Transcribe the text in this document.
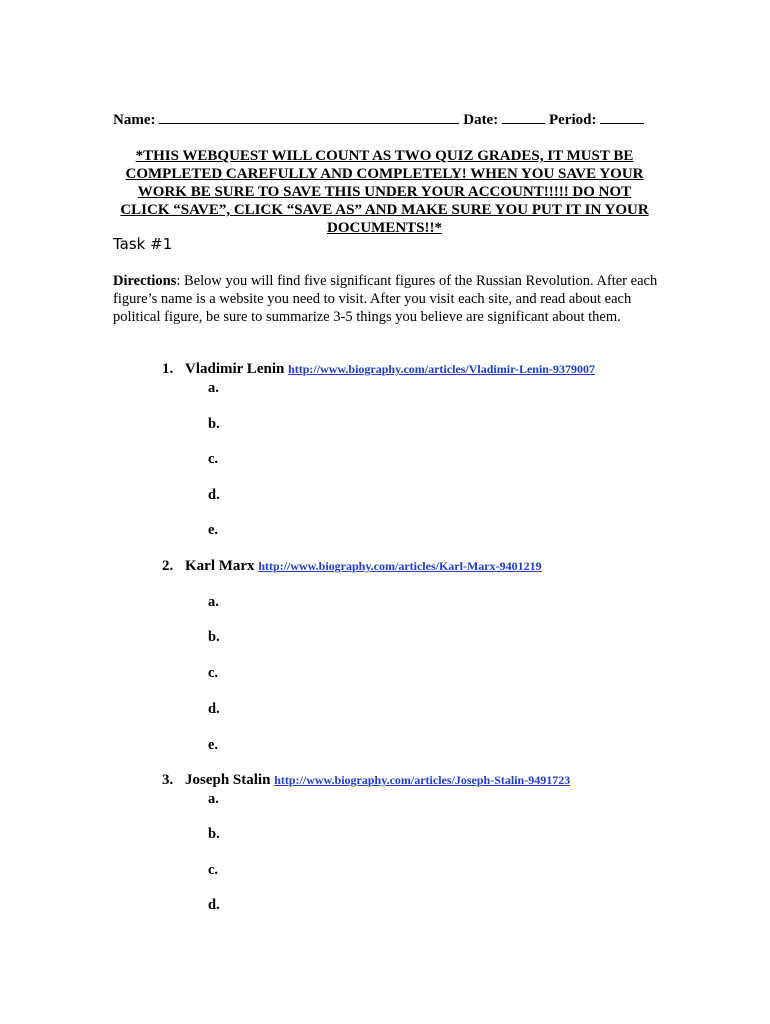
Name:	Date:	Period:
*THIS WEBQUEST WILL COUNT AS TWO QUIZ GRADES, IT MUST BE
COMPLETED CAREFULLY AND COMPLETELY! WHEN YOU SAVE YOUR
WORK BE SURE TO SAVE THIS UNDER YOUR ACCOUNT!!!!! DO NOT
CLICK “SAVE”, CLICK “SAVE AS” AND MAKE SURE YOU PUT IT IN YOUR
DOCUMENTS!!*
Task #1
Directions: Below you will find five significant figures of the Russian Revolution. After each figure’s name is a website you need to visit. After you visit each site, and read about each political figure, be sure to summarize 3-5 things you believe are significant about them.
1. Vladimir Lenin http://www.biography.com/articles/Vladimir-Lenin-9379007
a.
b.
c.
d.
e.
2. Karl Marx http://www.biography.com/articles/Karl-Marx-9401219
a.
b.
c.
d.
e.
3. Joseph Stalin http://www.biography.com/articles/Joseph-Stalin-9491723
a.
b.
c.
d.
